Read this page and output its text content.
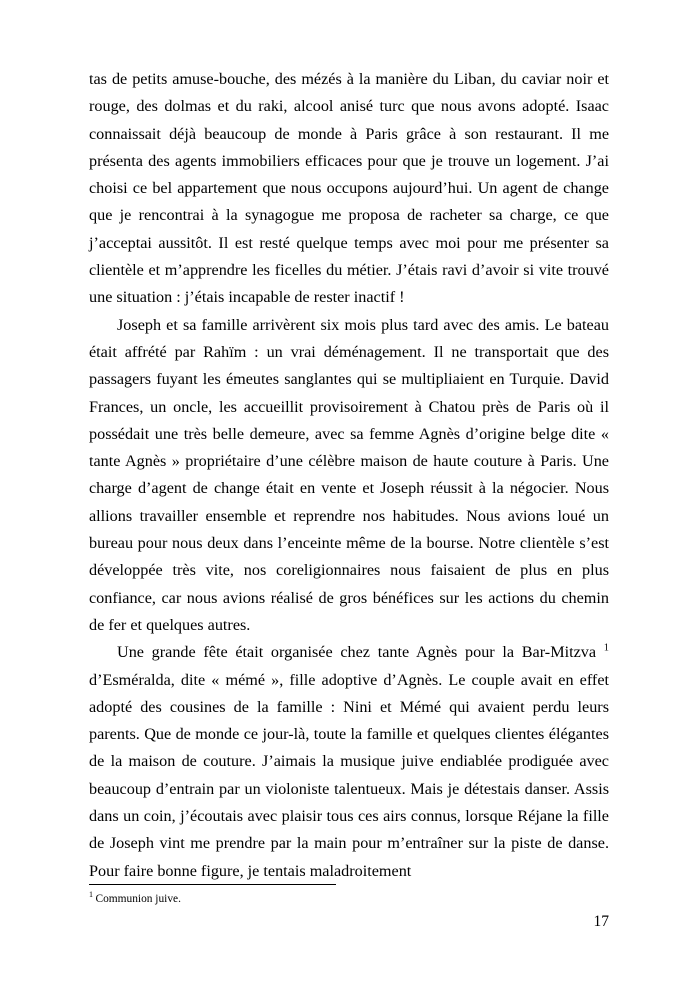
tas de petits amuse-bouche, des mézés à la manière du Liban, du caviar noir et rouge, des dolmas et du raki, alcool anisé turc que nous avons adopté. Isaac connaissait déjà beaucoup de monde à Paris grâce à son restaurant. Il me présenta des agents immobiliers efficaces pour que je trouve un logement. J’ai choisi ce bel appartement que nous occupons aujourd’hui. Un agent de change que je rencontrai à la synagogue me proposa de racheter sa charge, ce que j’acceptai aussitôt. Il est resté quelque temps avec moi pour me présenter sa clientèle et m’apprendre les ficelles du métier. J’étais ravi d’avoir si vite trouvé une situation : j’étais incapable de rester inactif !

Joseph et sa famille arrivèrent six mois plus tard avec des amis. Le bateau était affrété par Rahïm : un vrai déménagement. Il ne transportait que des passagers fuyant les émeutes sanglantes qui se multipliaient en Turquie. David Frances, un oncle, les accueillit provisoirement à Chatou près de Paris où il possédait une très belle demeure, avec sa femme Agnès d’origine belge dite « tante Agnès » propriétaire d’une célèbre maison de haute couture à Paris. Une charge d’agent de change était en vente et Joseph réussit à la négocier. Nous allions travailler ensemble et reprendre nos habitudes. Nous avions loué un bureau pour nous deux dans l’enceinte même de la bourse. Notre clientèle s’est développée très vite, nos coreligionnaires nous faisaient de plus en plus confiance, car nous avions réalisé de gros bénéfices sur les actions du chemin de fer et quelques autres.

Une grande fête était organisée chez tante Agnès pour la Bar-Mitzva $^1$ d’Esméralda, dite « mémé », fille adoptive d’Agnès. Le couple avait en effet adopté des cousines de la famille : Nini et Mémé qui avaient perdu leurs parents. Que de monde ce jour-là, toute la famille et quelques clientes élégantes de la maison de couture. J’aimais la musique juive endiablée prodiguée avec beaucoup d’entrain par un violoniste talentueux. Mais je détestais danser. Assis dans un coin, j’écoutais avec plaisir tous ces airs connus, lorsque Réjane la fille de Joseph vint me prendre par la main pour m’entraîner sur la piste de danse. Pour faire bonne figure, je tentais maladroitement

$^1$ Communion juive.

17
